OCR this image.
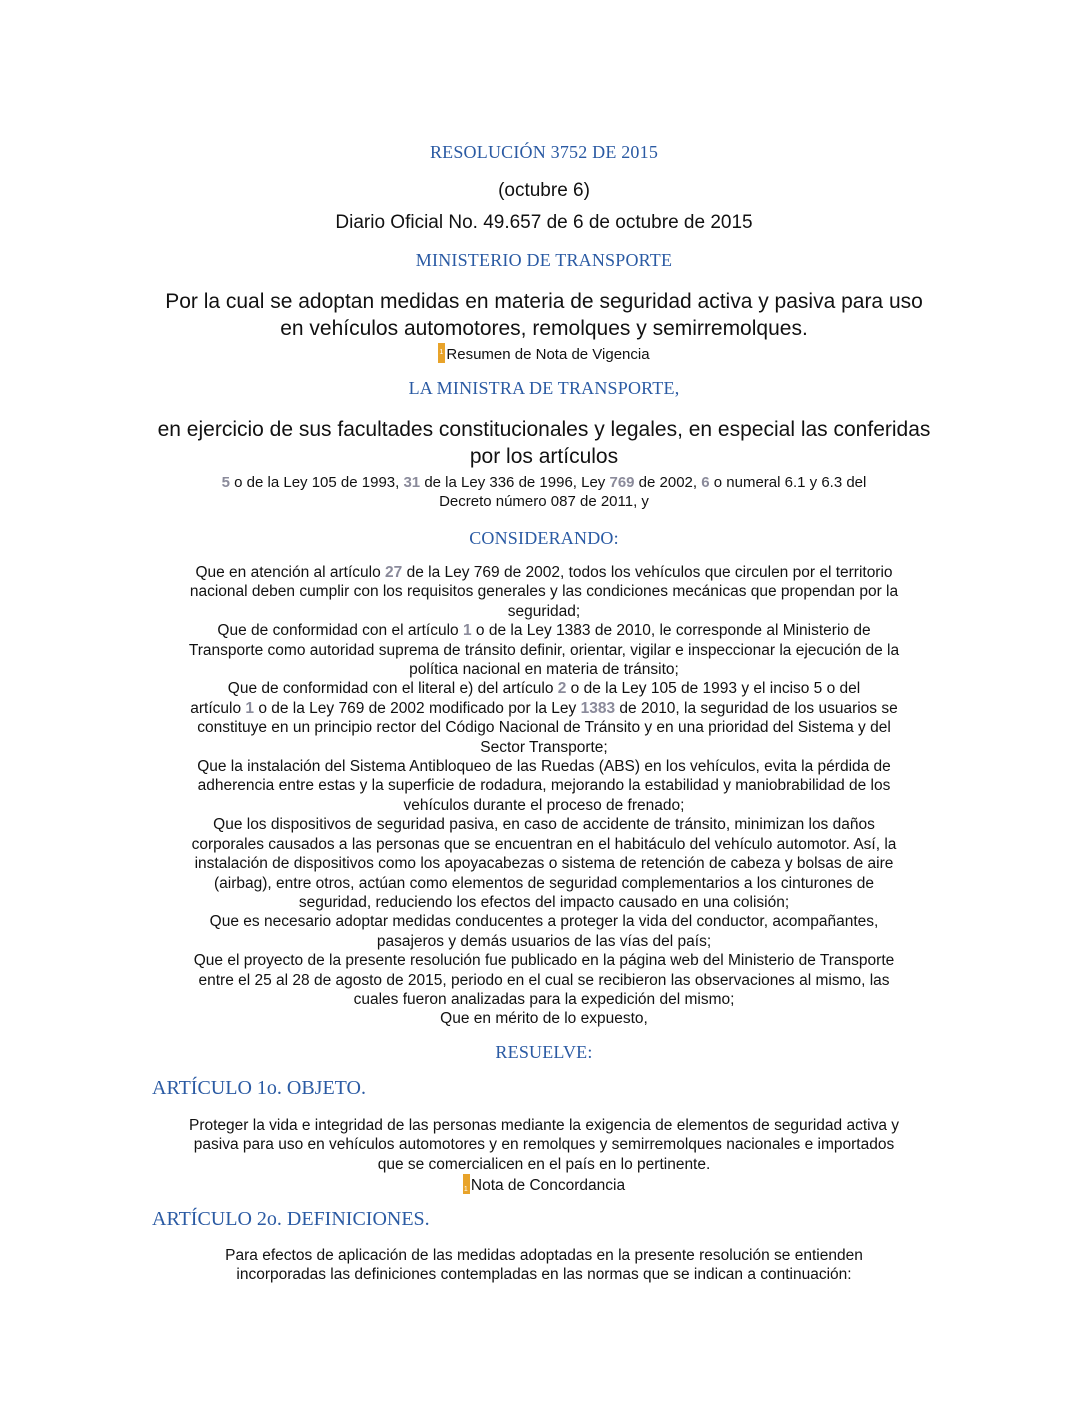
RESOLUCIÓN 3752 DE 2015
(octubre 6)
Diario Oficial No. 49.657 de 6 de octubre de 2015
MINISTERIO DE TRANSPORTE
Por la cual se adoptan medidas en materia de seguridad activa y pasiva para uso
en vehículos automotores, remolques y semirremolques.
1 Resumen de Nota de Vigencia
LA MINISTRA DE TRANSPORTE,
en ejercicio de sus facultades constitucionales y legales, en especial las conferidas
por los artículos
5 o de la Ley 105 de 1993, 31 de la Ley 336 de 1996, Ley 769 de 2002, 6 o numeral 6.1 y 6.3 del
Decreto número 087 de 2011, y
CONSIDERANDO:
Que en atención al artículo 27 de la Ley 769 de 2002, todos los vehículos que circulen por el territorio
nacional deben cumplir con los requisitos generales y las condiciones mecánicas que propendan por la
seguridad;
Que de conformidad con el artículo 1 o de la Ley 1383 de 2010, le corresponde al Ministerio de
Transporte como autoridad suprema de tránsito definir, orientar, vigilar e inspeccionar la ejecución de la
política nacional en materia de tránsito;
Que de conformidad con el literal e) del artículo 2 o de la Ley 105 de 1993 y el inciso 5 o del
artículo 1 o de la Ley 769 de 2002 modificado por la Ley 1383 de 2010, la seguridad de los usuarios se
constituye en un principio rector del Código Nacional de Tránsito y en una prioridad del Sistema y del
Sector Transporte;
Que la instalación del Sistema Antibloqueo de las Ruedas (ABS) en los vehículos, evita la pérdida de
adherencia entre estas y la superficie de rodadura, mejorando la estabilidad y maniobrabilidad de los
vehículos durante el proceso de frenado;
Que los dispositivos de seguridad pasiva, en caso de accidente de tránsito, minimizan los daños
corporales causados a las personas que se encuentran en el habitáculo del vehículo automotor. Así, la
instalación de dispositivos como los apoyacabezas o sistema de retención de cabeza y bolsas de aire
(airbag), entre otros, actúan como elementos de seguridad complementarios a los cinturones de
seguridad, reduciendo los efectos del impacto causado en una colisión;
Que es necesario adoptar medidas conducentes a proteger la vida del conductor, acompañantes,
pasajeros y demás usuarios de las vías del país;
Que el proyecto de la presente resolución fue publicado en la página web del Ministerio de Transporte
entre el 25 al 28 de agosto de 2015, periodo en el cual se recibieron las observaciones al mismo, las
cuales fueron analizadas para la expedición del mismo;
Que en mérito de lo expuesto,
RESUELVE:
ARTÍCULO 1o. OBJETO.
Proteger la vida e integridad de las personas mediante la exigencia de elementos de seguridad activa y
pasiva para uso en vehículos automotores y en remolques y semirremolques nacionales e importados
que se comercialicen en el país en lo pertinente.
1 Nota de Concordancia
ARTÍCULO 2o. DEFINICIONES.
Para efectos de aplicación de las medidas adoptadas en la presente resolución se entienden
incorporadas las definiciones contempladas en las normas que se indican a continuación:
